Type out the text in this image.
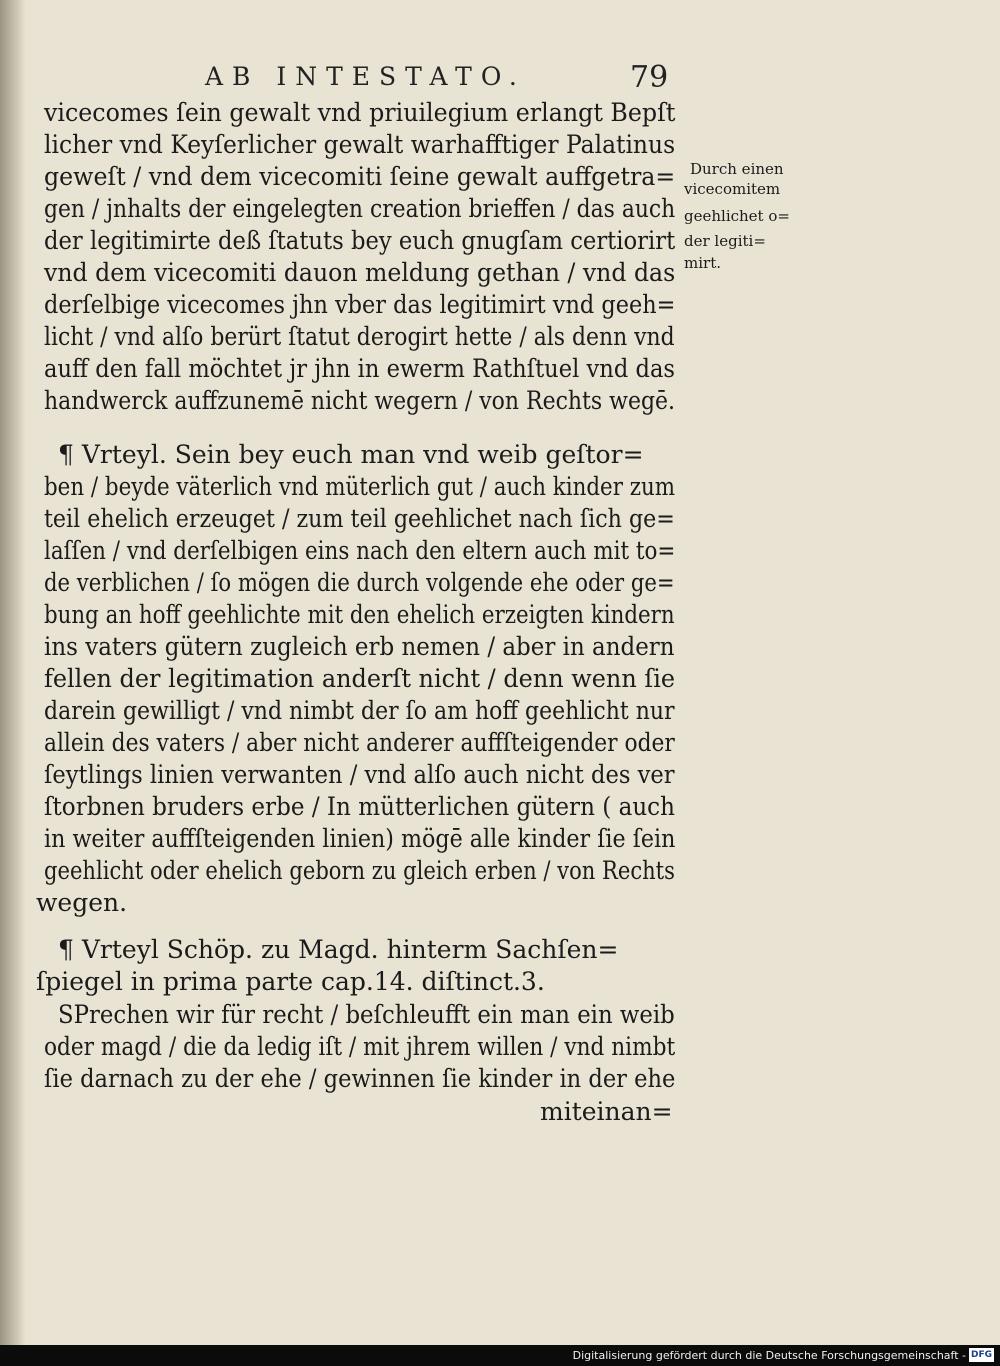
AB INTESTATO.	79
vicecomes ſein gewalt vnd priuilegium erlangt Bepſt
licher vnd Keyſerlicher gewalt warhafftiger Palatinus
geweſt / vnd dem vicecomiti ſeine gewalt auffgetra=
gen / jnhalts der eingelegten creation brieffen / das auch
der legitimirte deß ſtatuts bey euch gnugſam certiorirt
vnd dem vicecomiti dauon meldung gethan / vnd das
derſelbige vicecomes jhn vber das legitimirt vnd geeh=
licht / vnd alſo berürt ſtatut derogirt hette / als denn vnd
auff den fall möchtet jr jhn in ewerm Rathſtuel vnd das
handwerck auffzunemē nicht wegern / von Rechts wegē.
¶ Vrteyl. Sein bey euch man vnd weib geſtor=
ben / beyde väterlich vnd müterlich gut / auch kinder zum
teil ehelich erzeuget / zum teil geehlichet nach ſich ge=
laſſen / vnd derſelbigen eins nach den eltern auch mit to=
de verblichen / ſo mögen die durch volgende ehe oder ge=
bung an hoff geehlichte mit den ehelich erzeigten kindern
ins vaters gütern zugleich erb nemen / aber in andern
fellen der legitimation anderſt nicht / denn wenn ſie
darein gewilligt / vnd nimbt der ſo am hoff geehlicht nur
allein des vaters / aber nicht anderer auffſteigender oder
ſeytlings linien verwanten / vnd alſo auch nicht des ver
ſtorbnen bruders erbe / In mütterlichen gütern ( auch
in weiter auffſteigenden linien) mögē alle kinder ſie ſein
geehlicht oder ehelich geborn zu gleich erben / von Rechts
wegen.
¶ Vrteyl Schöp. zu Magd. hinterm Sachſen=
ſpiegel in prima parte cap.14. diſtinct.3.
SPrechen wir für recht / beſchleufft ein man ein weib
oder magd / die da ledig iſt / mit jhrem willen / vnd nimbt
ſie darnach zu der ehe / gewinnen ſie kinder in der ehe
miteinan=
Durch einen
vicecomitem
geehlichet o=
der legiti=
mirt.
Digitalisierung gefördert durch die Deutsche Forschungsgemeinschaft - DFG
